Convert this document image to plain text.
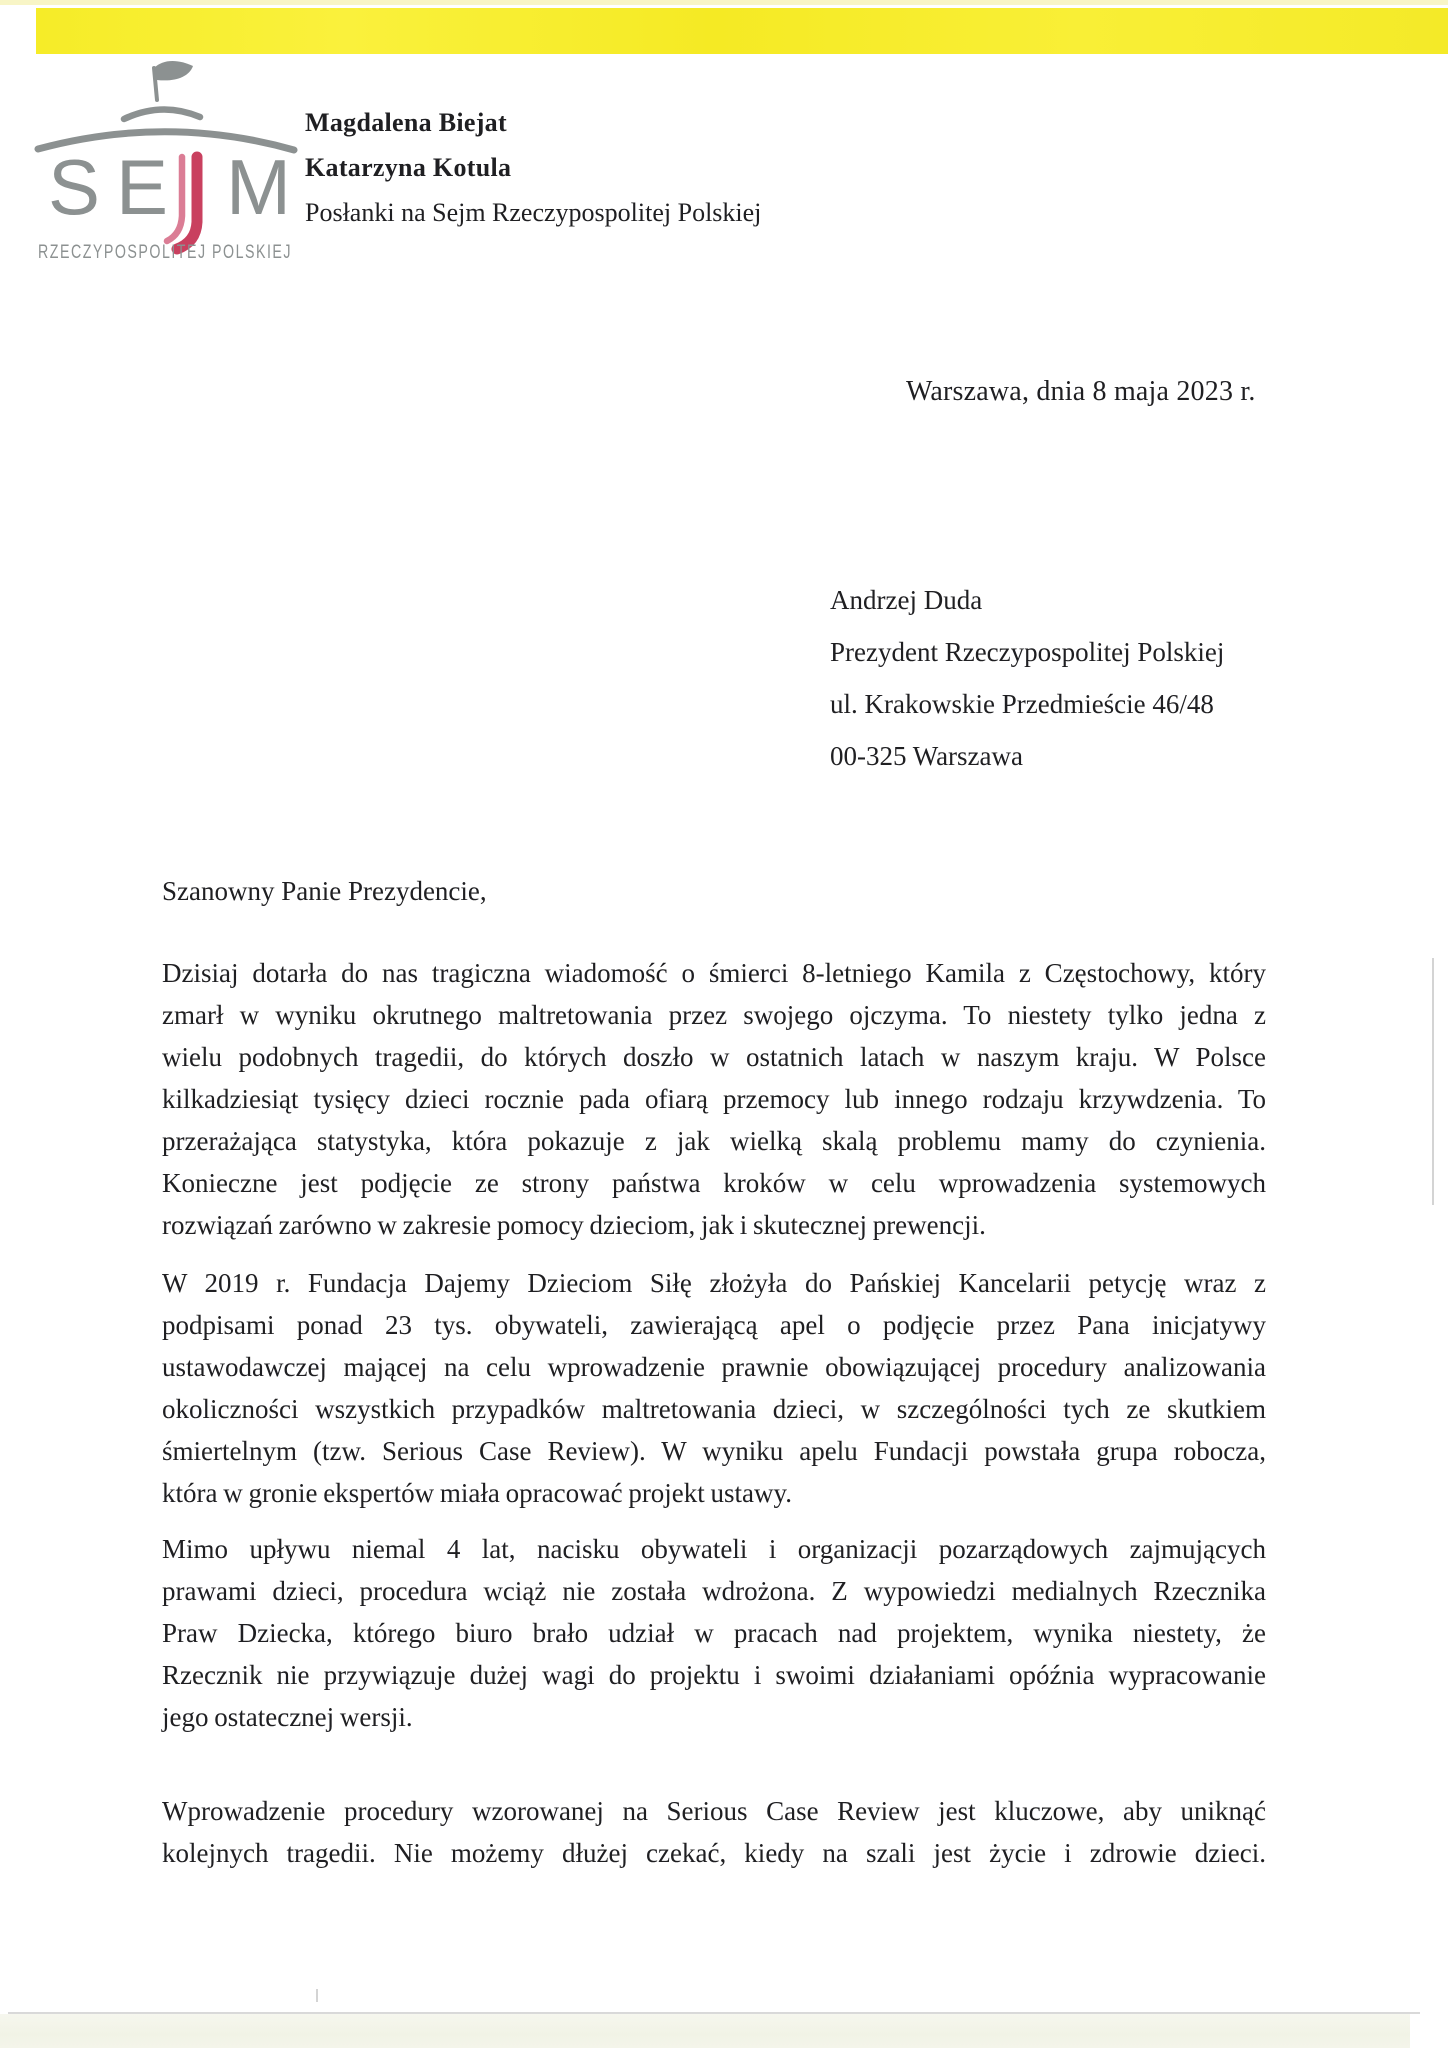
S E M
RZECZYPOSPOLITEJ POLSKIEJ
Magdalena Biejat
Katarzyna Kotula
Posłanki na Sejm Rzeczypospolitej Polskiej
Warszawa, dnia 8 maja 2023 r.
Andrzej Duda
Prezydent Rzeczypospolitej Polskiej
ul. Krakowskie Przedmieście 46/48
00-325 Warszawa
Szanowny Panie Prezydencie,
Dzisiaj dotarła do nas tragiczna wiadomość o śmierci 8-letniego Kamila z Częstochowy, który
zmarł w wyniku okrutnego maltretowania przez swojego ojczyma. To niestety tylko jedna z
wielu podobnych tragedii, do których doszło w ostatnich latach w naszym kraju. W Polsce
kilkadziesiąt tysięcy dzieci rocznie pada ofiarą przemocy lub innego rodzaju krzywdzenia. To
przerażająca statystyka, która pokazuje z jak wielką skalą problemu mamy do czynienia.
Konieczne jest podjęcie ze strony państwa kroków w celu wprowadzenia systemowych
rozwiązań zarówno w zakresie pomocy dzieciom, jak i skutecznej prewencji.
W 2019 r. Fundacja Dajemy Dzieciom Siłę złożyła do Pańskiej Kancelarii petycję wraz z
podpisami ponad 23 tys. obywateli, zawierającą apel o podjęcie przez Pana inicjatywy
ustawodawczej mającej na celu wprowadzenie prawnie obowiązującej procedury analizowania
okoliczności wszystkich przypadków maltretowania dzieci, w szczególności tych ze skutkiem
śmiertelnym (tzw. Serious Case Review). W wyniku apelu Fundacji powstała grupa robocza,
która w gronie ekspertów miała opracować projekt ustawy.
Mimo upływu niemal 4 lat, nacisku obywateli i organizacji pozarządowych zajmujących
prawami dzieci, procedura wciąż nie została wdrożona. Z wypowiedzi medialnych Rzecznika
Praw Dziecka, którego biuro brało udział w pracach nad projektem, wynika niestety, że
Rzecznik nie przywiązuje dużej wagi do projektu i swoimi działaniami opóźnia wypracowanie
jego ostatecznej wersji.
Wprowadzenie procedury wzorowanej na Serious Case Review jest kluczowe, aby uniknąć
kolejnych tragedii. Nie możemy dłużej czekać, kiedy na szali jest życie i zdrowie dzieci.
